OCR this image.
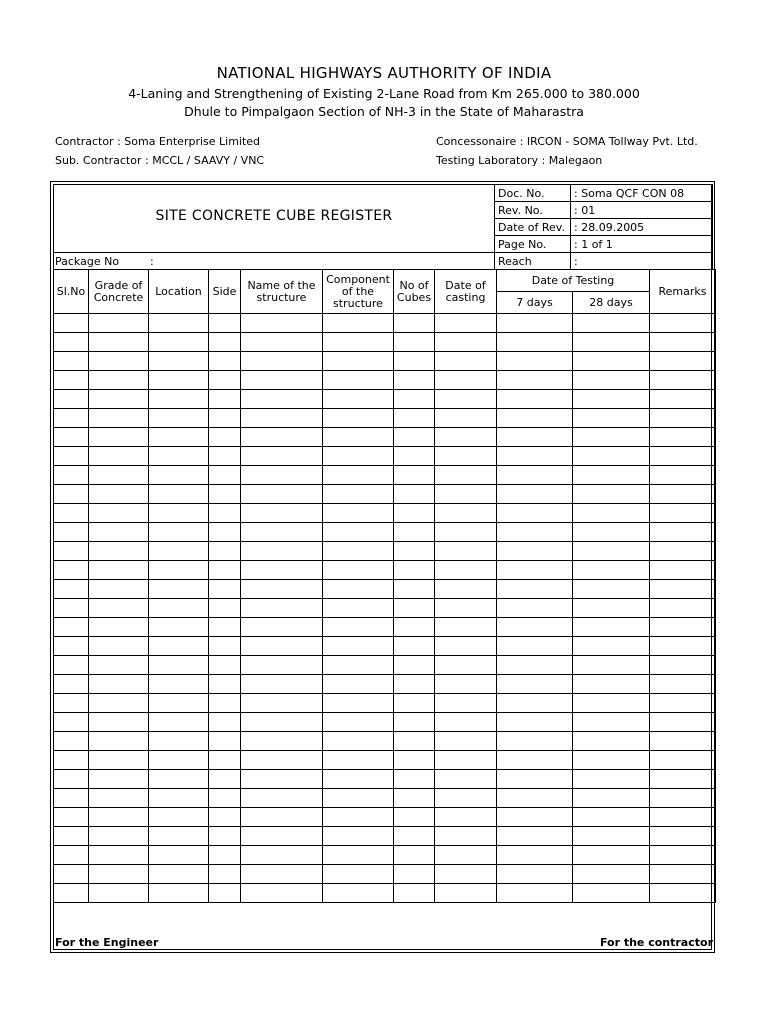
NATIONAL HIGHWAYS AUTHORITY OF INDIA
4-Laning and Strengthening of Existing 2-Lane Road from Km 265.000 to 380.000
Dhule to Pimpalgaon Section of NH-3 in the State of Maharastra
Contractor : Soma Enterprise Limited
Sub. Contractor : MCCL / SAAVY / VNC
Concessonaire : IRCON - SOMA Tollway Pvt. Ltd.
Testing Laboratory : Malegaon
SITE CONCRETE CUBE REGISTER
Doc. No.	: Soma QCF CON 08
Rev. No.	: 01
Date of Rev.	: 28.09.2005
Page No.	: 1 of 1
Reach	:
Package No	:
Sl.No	Grade of Concrete	Location	Side	Name of the structure	Component of the structure	No of Cubes	Date of casting	Date of Testing		Remarks
								7 days	28 days	

For the Engineer	For the contractor
